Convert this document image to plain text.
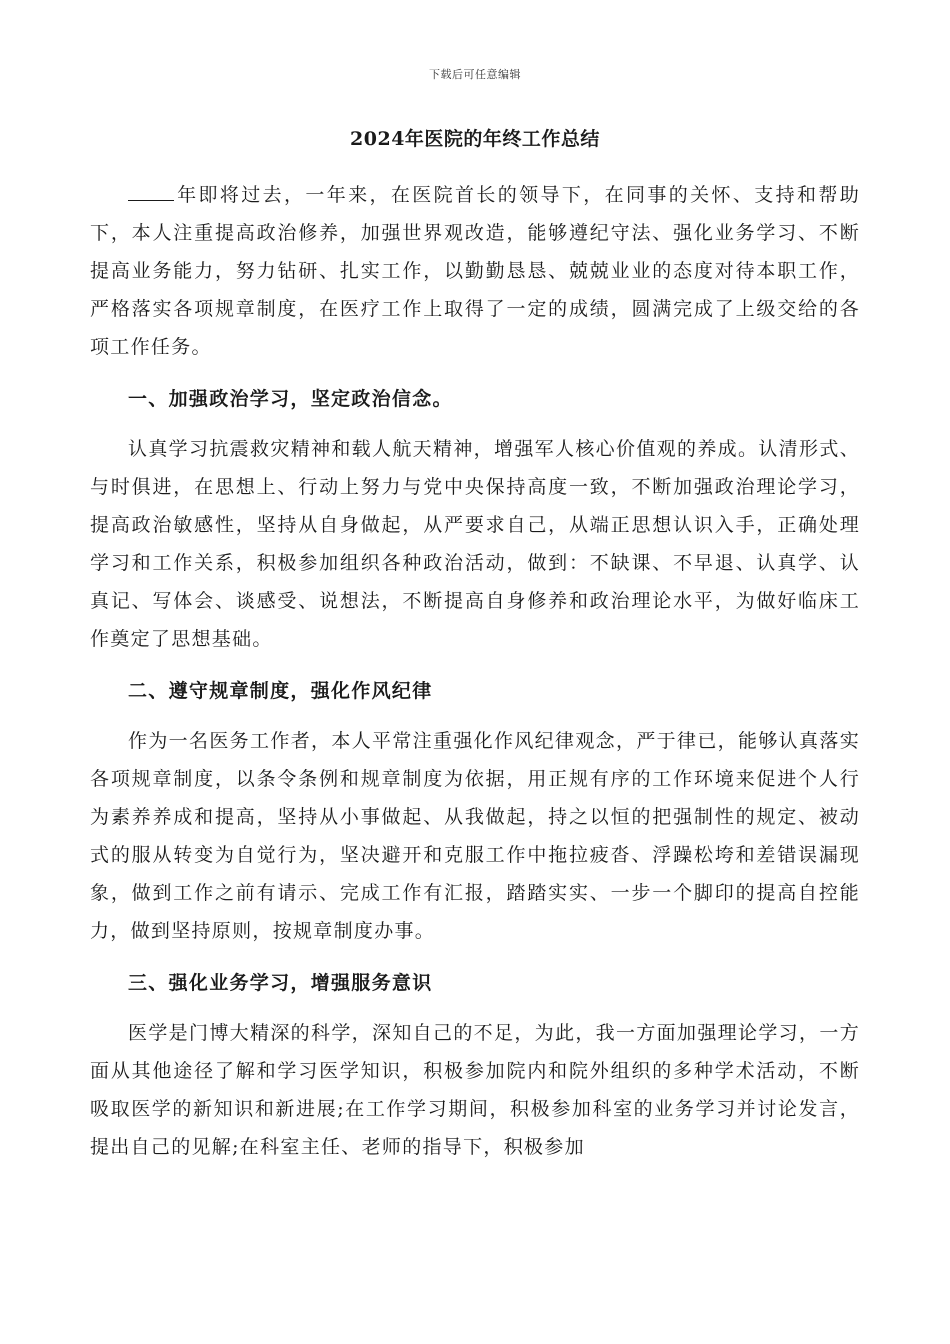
下载后可任意编辑
2024年医院的年终工作总结

年即将过去，一年来，在医院首长的领导下，在同事的关怀、支持和帮助下，本人注重提高政治修养，加强世界观改造，能够遵纪守法、强化业务学习、不断提高业务能力，努力钻研、扎实工作，以勤勤恳恳、兢兢业业的态度对待本职工作，严格落实各项规章制度，在医疗工作上取得了一定的成绩，圆满完成了上级交给的各项工作任务。

一、加强政治学习，坚定政治信念。

认真学习抗震救灾精神和载人航天精神，增强军人核心价值观的养成。认清形式、与时俱进，在思想上、行动上努力与党中央保持高度一致，不断加强政治理论学习，提高政治敏感性，坚持从自身做起，从严要求自己，从端正思想认识入手，正确处理学习和工作关系，积极参加组织各种政治活动，做到：不缺课、不早退、认真学、认真记、写体会、谈感受、说想法，不断提高自身修养和政治理论水平，为做好临床工作奠定了思想基础。

二、遵守规章制度，强化作风纪律

作为一名医务工作者，本人平常注重强化作风纪律观念，严于律已，能够认真落实各项规章制度，以条令条例和规章制度为依据，用正规有序的工作环境来促进个人行为素养养成和提高，坚持从小事做起、从我做起，持之以恒的把强制性的规定、被动式的服从转变为自觉行为，坚决避开和克服工作中拖拉疲沓、浮躁松垮和差错误漏现象，做到工作之前有请示、完成工作有汇报，踏踏实实、一步一个脚印的提高自控能力，做到坚持原则，按规章制度办事。

三、强化业务学习，增强服务意识

医学是门博大精深的科学，深知自己的不足，为此，我一方面加强理论学习，一方面从其他途径了解和学习医学知识，积极参加院内和院外组织的多种学术活动，不断吸取医学的新知识和新进展;在工作学习期间，积极参加科室的业务学习并讨论发言，提出自己的见解;在科室主任、老师的指导下，积极参加
